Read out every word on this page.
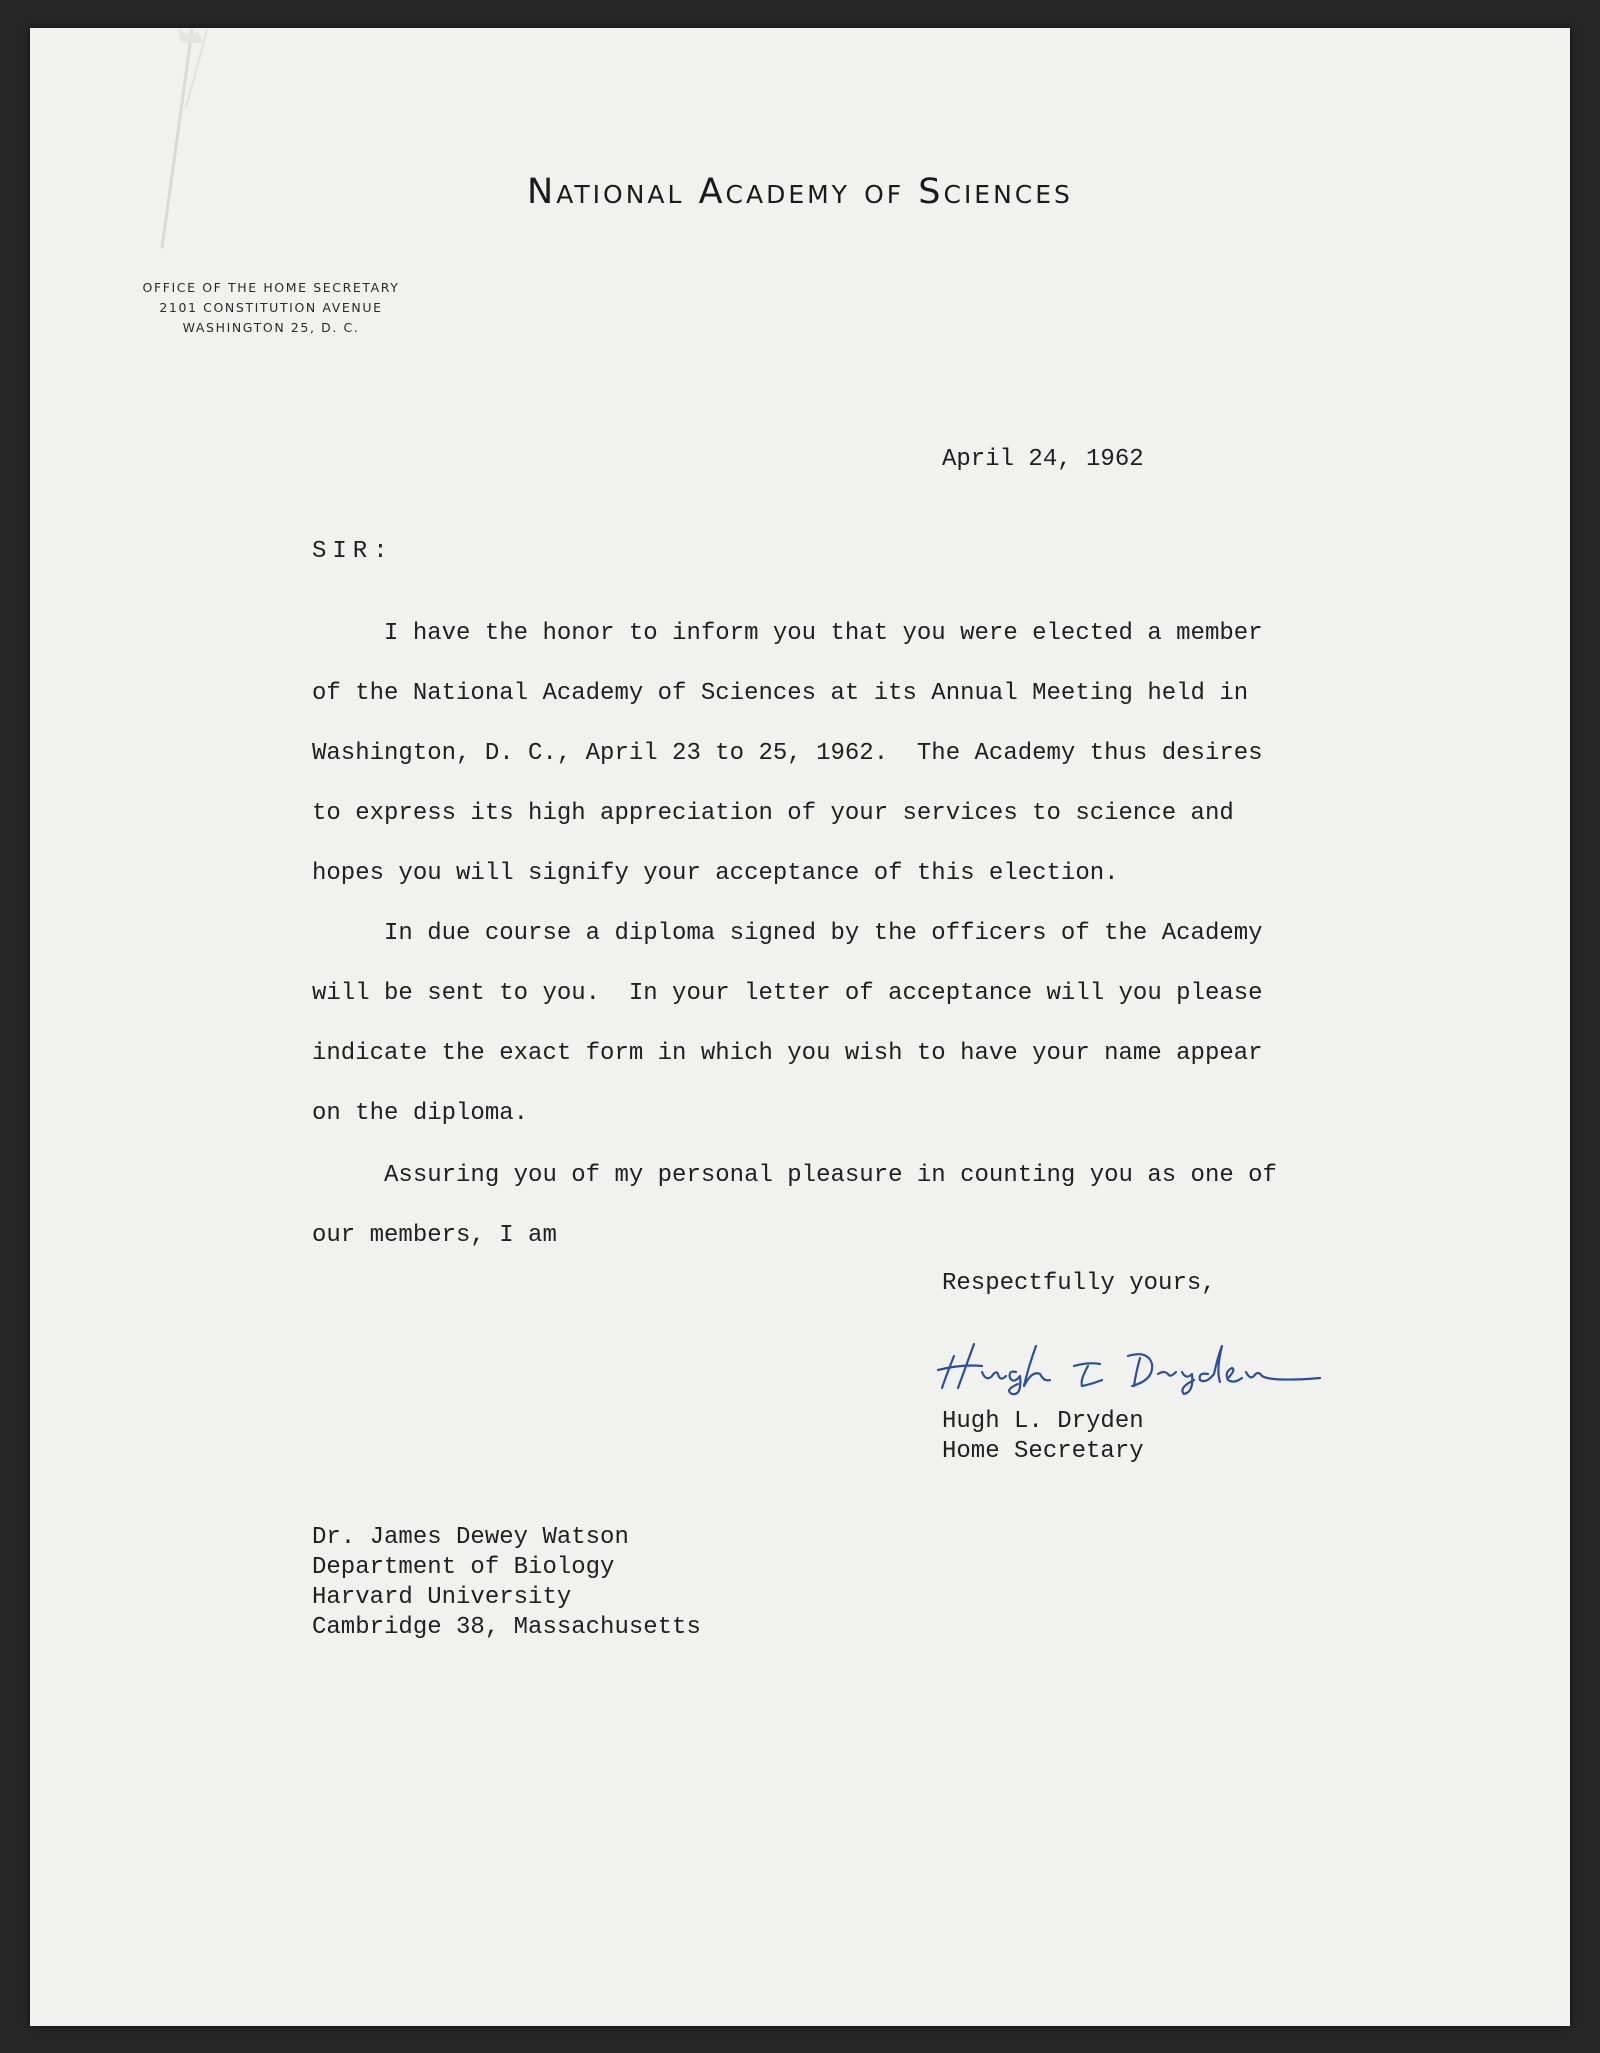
National Academy of Sciences
OFFICE OF THE HOME SECRETARY
2101 CONSTITUTION AVENUE
WASHINGTON 25, D. C.
April 24, 1962
SIR:
I have the honor to inform you that you were elected a member
of the National Academy of Sciences at its Annual Meeting held in
Washington, D. C., April 23 to 25, 1962.  The Academy thus desires
to express its high appreciation of your services to science and
hopes you will signify your acceptance of this election.
In due course a diploma signed by the officers of the Academy
will be sent to you.  In your letter of acceptance will you please
indicate the exact form in which you wish to have your name appear
on the diploma.
Assuring you of my personal pleasure in counting you as one of
our members, I am
Respectfully yours,
Hugh L. Dryden
Home Secretary
Dr. James Dewey Watson
Department of Biology
Harvard University
Cambridge 38, Massachusetts
